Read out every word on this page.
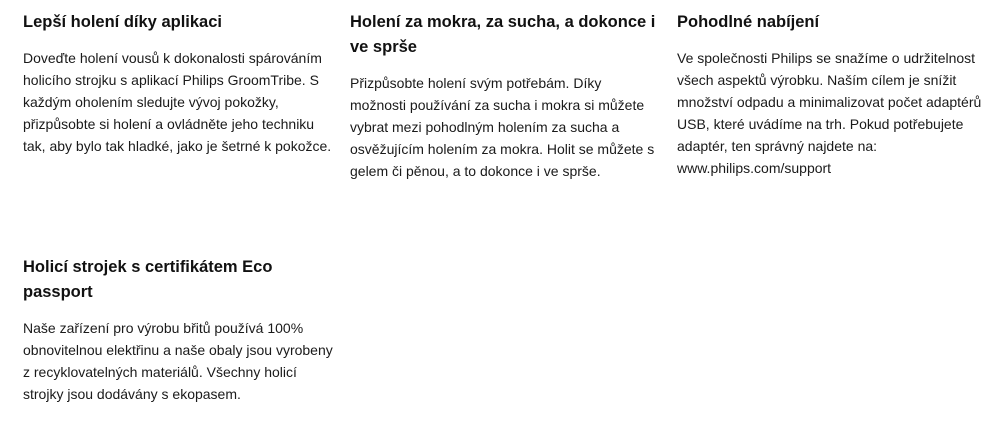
Lepší holení díky aplikaci

Doveďte holení vousů k dokonalosti spárováním holicího strojku s aplikací Philips GroomTribe. S každým oholením sledujte vývoj pokožky, přizpůsobte si holení a ovládněte jeho techniku tak, aby bylo tak hladké, jako je šetrné k pokožce.

Holení za mokra, za sucha, a dokonce i ve sprše

Přizpůsobte holení svým potřebám. Díky možnosti používání za sucha i mokra si můžete vybrat mezi pohodlným holením za sucha a osvěžujícím holením za mokra. Holit se můžete s gelem či pěnou, a to dokonce i ve sprše.

Pohodlné nabíjení

Ve společnosti Philips se snažíme o udržitelnost všech aspektů výrobku. Naším cílem je snížit množství odpadu a minimalizovat počet adaptérů USB, které uvádíme na trh. Pokud potřebujete adaptér, ten správný najdete na: www.philips.com/support

Holicí strojek s certifikátem Eco passport

Naše zařízení pro výrobu břitů používá 100% obnovitelnou elektřinu a naše obaly jsou vyrobeny z recyklovatelných materiálů. Všechny holicí strojky jsou dodávány s ekopasem.
